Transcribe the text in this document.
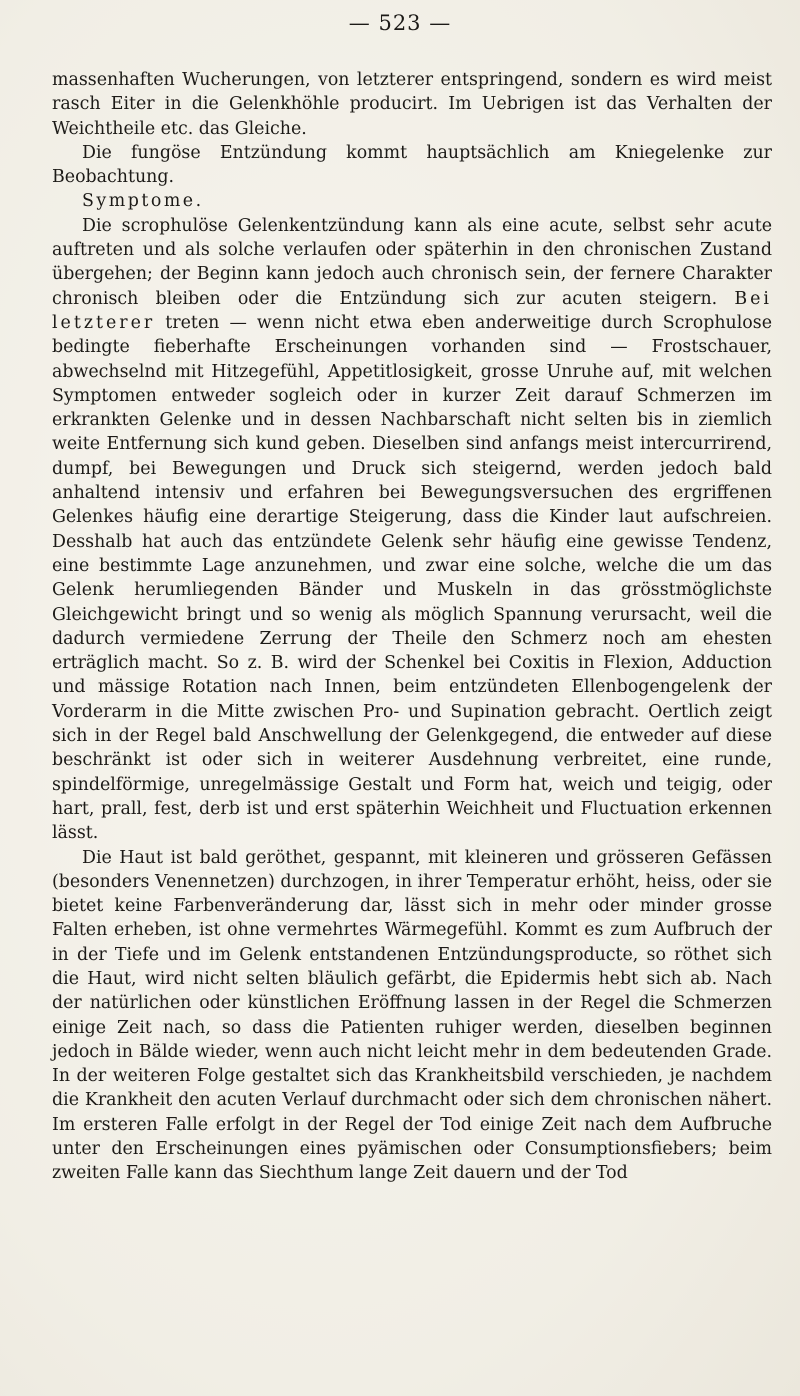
— 523 —

massenhaften Wucherungen, von letzterer entspringend, sondern es wird meist rasch Eiter in die Gelenkhöhle producirt. Im Uebrigen ist das Verhalten der Weichtheile etc. das Gleiche.

Die fungöse Entzündung kommt hauptsächlich am Kniegelenke zur Beobachtung.

Symptome.

Die scrophulöse Gelenkentzündung kann als eine acute, selbst sehr acute auftreten und als solche verlaufen oder späterhin in den chronischen Zustand übergehen; der Beginn kann jedoch auch chronisch sein, der fernere Charakter chronisch bleiben oder die Entzündung sich zur acuten steigern. Bei letzterer treten — wenn nicht etwa eben anderweitige durch Scrophulose bedingte fieberhafte Erscheinungen vorhanden sind — Frostschauer, abwechselnd mit Hitzegefühl, Appetitlosigkeit, grosse Unruhe auf, mit welchen Symptomen entweder sogleich oder in kurzer Zeit darauf Schmerzen im erkrankten Gelenke und in dessen Nachbarschaft nicht selten bis in ziemlich weite Entfernung sich kund geben. Dieselben sind anfangs meist intercurrirend, dumpf, bei Bewegungen und Druck sich steigernd, werden jedoch bald anhaltend intensiv und erfahren bei Bewegungsversuchen des ergriffenen Gelenkes häufig eine derartige Steigerung, dass die Kinder laut aufschreien. Desshalb hat auch das entzündete Gelenk sehr häufig eine gewisse Tendenz, eine bestimmte Lage anzunehmen, und zwar eine solche, welche die um das Gelenk herumliegenden Bänder und Muskeln in das grösstmöglichste Gleichgewicht bringt und so wenig als möglich Spannung verursacht, weil die dadurch vermiedene Zerrung der Theile den Schmerz noch am ehesten erträglich macht. So z. B. wird der Schenkel bei Coxitis in Flexion, Adduction und mässige Rotation nach Innen, beim entzündeten Ellenbogengelenk der Vorderarm in die Mitte zwischen Pro- und Supination gebracht. Oertlich zeigt sich in der Regel bald Anschwellung der Gelenkgegend, die entweder auf diese beschränkt ist oder sich in weiterer Ausdehnung verbreitet, eine runde, spindelförmige, unregelmässige Gestalt und Form hat, weich und teigig, oder hart, prall, fest, derb ist und erst späterhin Weichheit und Fluctuation erkennen lässt.

Die Haut ist bald geröthet, gespannt, mit kleineren und grösseren Gefässen (besonders Venennetzen) durchzogen, in ihrer Temperatur erhöht, heiss, oder sie bietet keine Farbenveränderung dar, lässt sich in mehr oder minder grosse Falten erheben, ist ohne vermehrtes Wärmegefühl. Kommt es zum Aufbruch der in der Tiefe und im Gelenk entstandenen Entzündungsproducte, so röthet sich die Haut, wird nicht selten bläulich gefärbt, die Epidermis hebt sich ab. Nach der natürlichen oder künstlichen Eröffnung lassen in der Regel die Schmerzen einige Zeit nach, so dass die Patienten ruhiger werden, dieselben beginnen jedoch in Bälde wieder, wenn auch nicht leicht mehr in dem bedeutenden Grade. In der weiteren Folge gestaltet sich das Krankheitsbild verschieden, je nachdem die Krankheit den acuten Verlauf durchmacht oder sich dem chronischen nähert. Im ersteren Falle erfolgt in der Regel der Tod einige Zeit nach dem Aufbruche unter den Erscheinungen eines pyämischen oder Consumptionsfiebers; beim zweiten Falle kann das Siechthum lange Zeit dauern und der Tod
